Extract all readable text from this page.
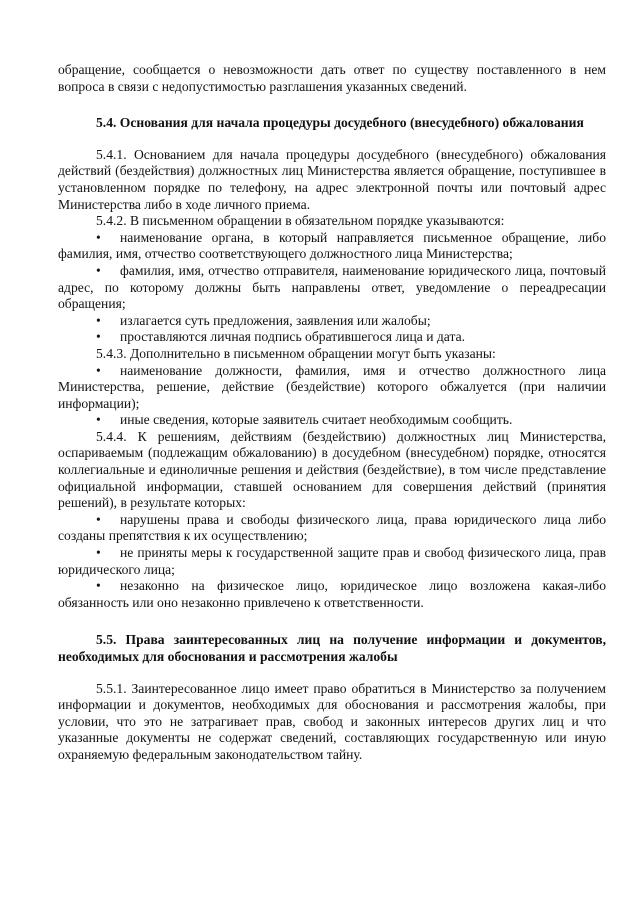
обращение, сообщается о невозможности дать ответ по существу поставленного в нем вопроса в связи с недопустимостью разглашения указанных сведений.

5.4. Основания для начала процедуры досудебного (внесудебного) обжалования

5.4.1. Основанием для начала процедуры досудебного (внесудебного) обжалования действий (бездействия) должностных лиц Министерства является обращение, поступившее в установленном порядке по телефону, на адрес электронной почты или почтовый адрес Министерства либо в ходе личного приема.

5.4.2. В письменном обращении в обязательном порядке указываются:

• наименование органа, в который направляется письменное обращение, либо фамилия, имя, отчество соответствующего должностного лица Министерства;

• фамилия, имя, отчество отправителя, наименование юридического лица, почтовый адрес, по которому должны быть направлены ответ, уведомление о переадресации обращения;

• излагается суть предложения, заявления или жалобы;

• проставляются личная подпись обратившегося лица и дата.

5.4.3. Дополнительно в письменном обращении могут быть указаны:

• наименование должности, фамилия, имя и отчество должностного лица Министерства, решение, действие (бездействие) которого обжалуется (при наличии информации);

• иные сведения, которые заявитель считает необходимым сообщить.

5.4.4. К решениям, действиям (бездействию) должностных лиц Министерства, оспариваемым (подлежащим обжалованию) в досудебном (внесудебном) порядке, относятся коллегиальные и единоличные решения и действия (бездействие), в том числе представление официальной информации, ставшей основанием для совершения действий (принятия решений), в результате которых:

• нарушены права и свободы физического лица, права юридического лица либо созданы препятствия к их осуществлению;

• не приняты меры к государственной защите прав и свобод физического лица, прав юридического лица;

• незаконно на физическое лицо, юридическое лицо возложена какая-либо обязанность или оно незаконно привлечено к ответственности.

5.5. Права заинтересованных лиц на получение информации и документов, необходимых для обоснования и рассмотрения жалобы

5.5.1. Заинтересованное лицо имеет право обратиться в Министерство за получением информации и документов, необходимых для обоснования и рассмотрения жалобы, при условии, что это не затрагивает прав, свобод и законных интересов других лиц и что указанные документы не содержат сведений, составляющих государственную или иную охраняемую федеральным законодательством тайну.
